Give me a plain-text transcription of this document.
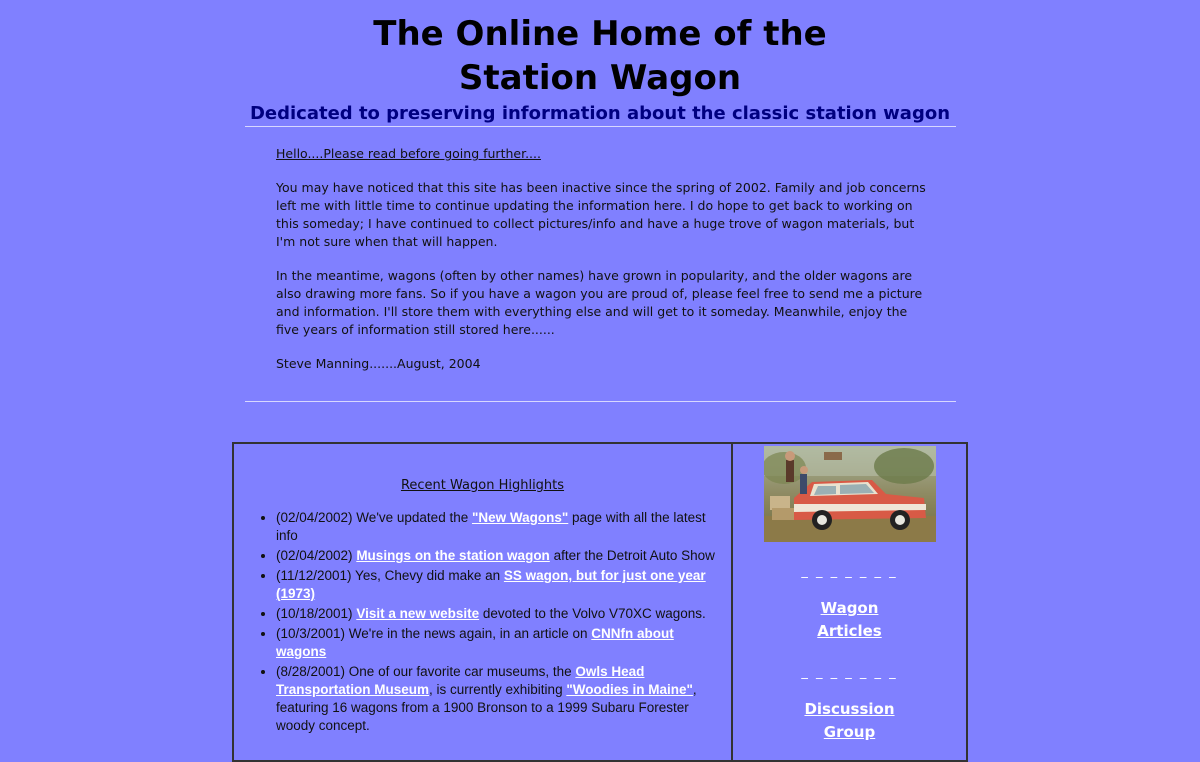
The Online Home of the
Station Wagon
Dedicated to preserving information about the classic station wagon

Hello....Please read before going further....

You may have noticed that this site has been inactive since the spring of 2002. Family and job concerns left me with little time to continue updating the information here. I do hope to get back to working on this someday; I have continued to collect pictures/info and have a huge trove of wagon materials, but I'm not sure when that will happen.

In the meantime, wagons (often by other names) have grown in popularity, and the older wagons are also drawing more fans. So if you have a wagon you are proud of, please feel free to send me a picture and information. I'll store them with everything else and will get to it someday. Meanwhile, enjoy the five years of information still stored here......

Steve Manning.......August, 2004

Recent Wagon Highlights
• (02/04/2002) We've updated the "New Wagons" page with all the latest info
• (02/04/2002) Musings on the station wagon after the Detroit Auto Show
• (11/12/2001) Yes, Chevy did make an SS wagon, but for just one year (1973)
• (10/18/2001) Visit a new website devoted to the Volvo V70XC wagons.
• (10/3/2001) We're in the news again, in an article on CNNfn about wagons
• (8/28/2001) One of our favorite car museums, the Owls Head Transportation Museum, is currently exhibiting "Woodies in Maine", featuring 16 wagons from a 1900 Bronson to a 1999 Subaru Forester woody concept.
_ _ _ _ _ _ _
Wagon
Articles
_ _ _ _ _ _ _
Discussion
Group
